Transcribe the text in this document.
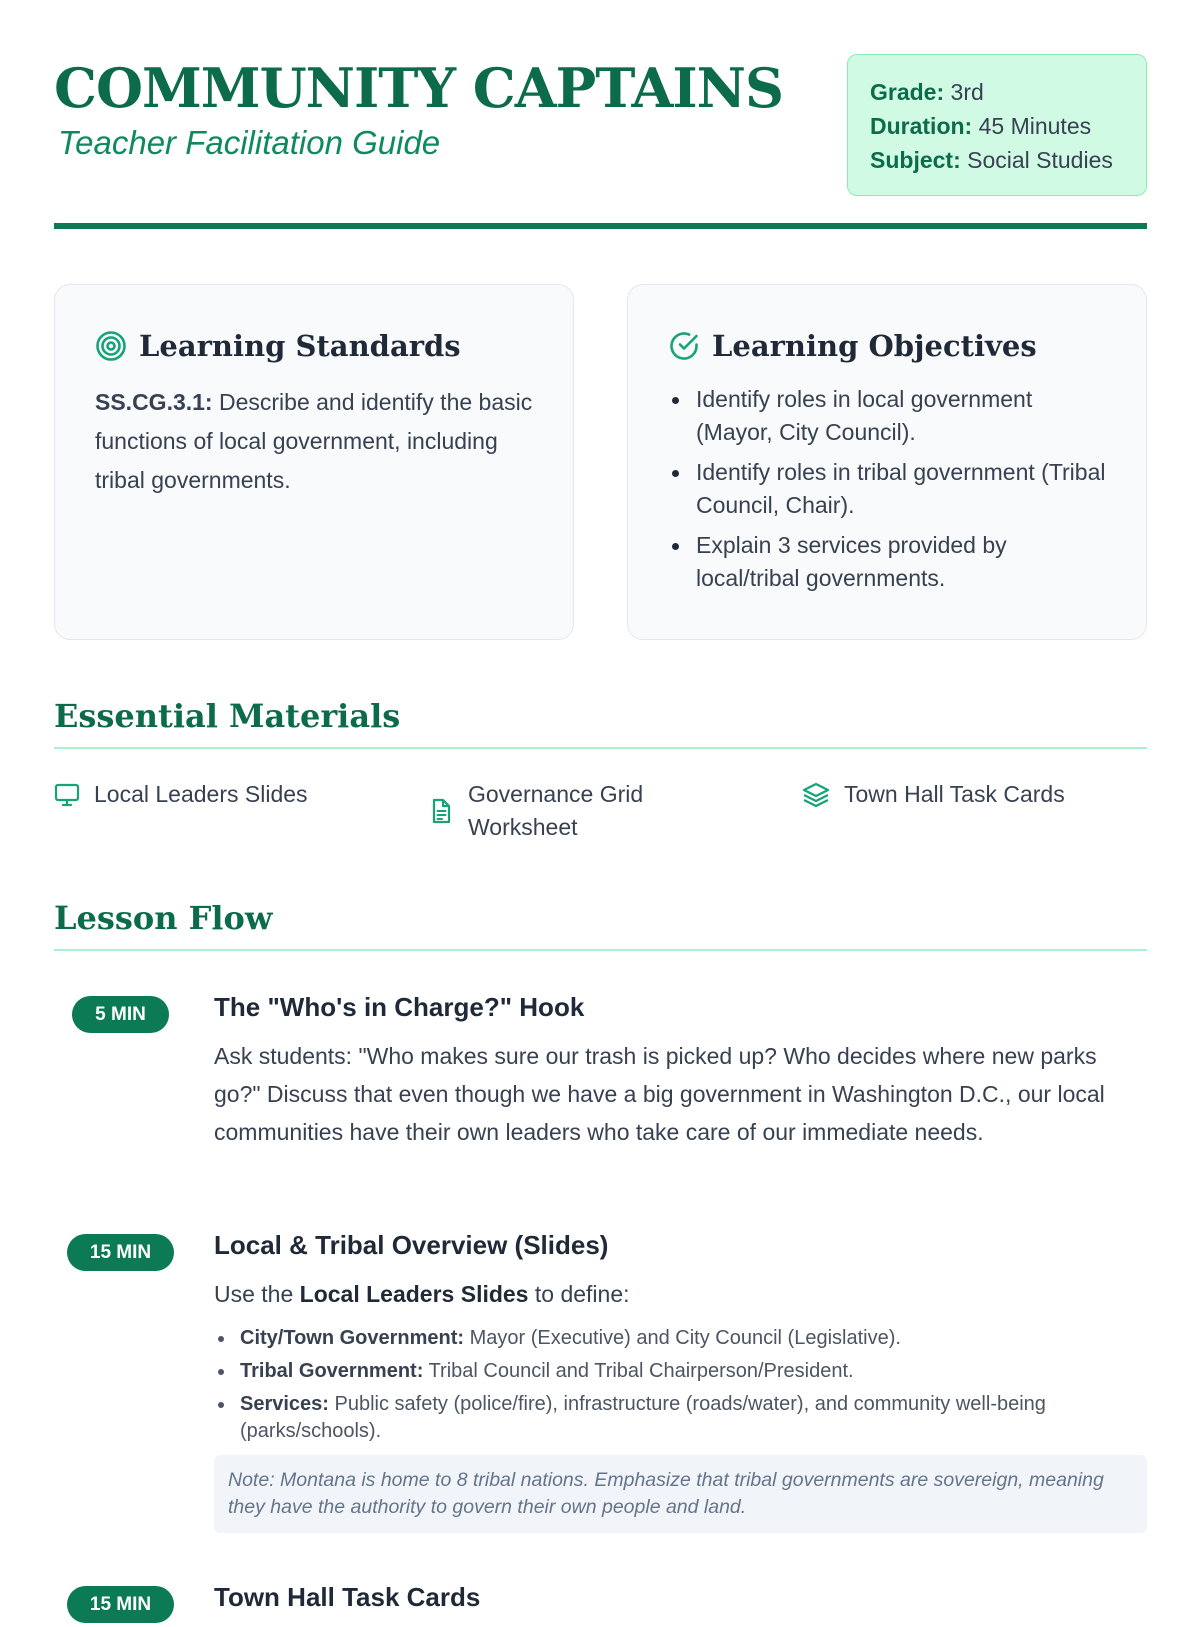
COMMUNITY CAPTAINS
Teacher Facilitation Guide
Grade: 3rd
Duration: 45 Minutes
Subject: Social Studies
Learning Standards

SS.CG.3.1: Describe and identify the basic functions of local government, including tribal governments.

Learning Objectives
Identify roles in local government (Mayor, City Council).
Identify roles in tribal government (Tribal Council, Chair).
Explain 3 services provided by local/tribal governments.
Essential Materials
Local Leaders Slides	Governance Grid Worksheet
Town Hall Task Cards
Lesson Flow
5 MIN	The "Who's in Charge?" Hook

Ask students: "Who makes sure our trash is picked up? Who decides where new parks go?" Discuss that even though we have a big government in Washington D.C., our local communities have their own leaders who take care of our immediate needs.

15 MIN	Local & Tribal Overview (Slides)

Use the Local Leaders Slides to define:

City/Town Government: Mayor (Executive) and City Council (Legislative).
Tribal Government: Tribal Council and Tribal Chairperson/President.
Services: Public safety (police/fire), infrastructure (roads/water), and community well-being (parks/schools).
Note: Montana is home to 8 tribal nations. Emphasize that tribal governments are sovereign, meaning they have the authority to govern their own people and land.
15 MIN	Town Hall Task Cards
